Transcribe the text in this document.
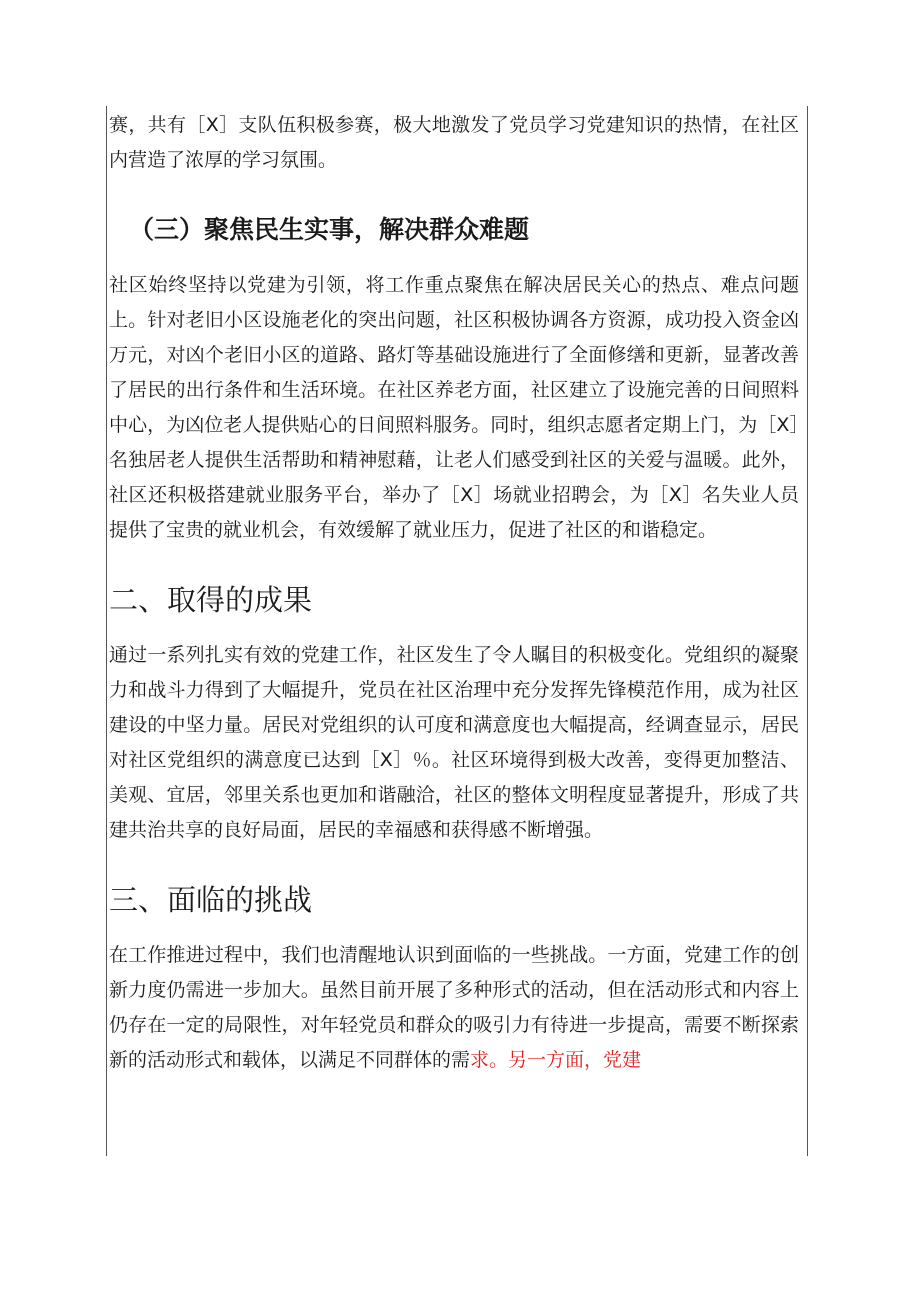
赛，共有［X］支队伍积极参赛，极大地激发了党员学习党建知识的热情，在社区内营造了浓厚的学习氛围。

（三）聚焦民生实事，解决群众难题

社区始终坚持以党建为引领，将工作重点聚焦在解决居民关心的热点、难点问题上。针对老旧小区设施老化的突出问题，社区积极协调各方资源，成功投入资金凶万元，对凶个老旧小区的道路、路灯等基础设施进行了全面修缮和更新，显著改善了居民的出行条件和生活环境。在社区养老方面，社区建立了设施完善的日间照料中心，为凶位老人提供贴心的日间照料服务。同时，组织志愿者定期上门，为［X］名独居老人提供生活帮助和精神慰藉，让老人们感受到社区的关爱与温暖。此外，社区还积极搭建就业服务平台，举办了［X］场就业招聘会，为［X］名失业人员提供了宝贵的就业机会，有效缓解了就业压力，促进了社区的和谐稳定。

二、取得的成果

通过一系列扎实有效的党建工作，社区发生了令人瞩目的积极变化。党组织的凝聚力和战斗力得到了大幅提升，党员在社区治理中充分发挥先锋模范作用，成为社区建设的中坚力量。居民对党组织的认可度和满意度也大幅提高，经调查显示，居民对社区党组织的满意度已达到［X］％。社区环境得到极大改善，变得更加整洁、美观、宜居，邻里关系也更加和谐融洽，社区的整体文明程度显著提升，形成了共建共治共享的良好局面，居民的幸福感和获得感不断增强。

三、面临的挑战

在工作推进过程中，我们也清醒地认识到面临的一些挑战。一方面，党建工作的创新力度仍需进一步加大。虽然目前开展了多种形式的活动，但在活动形式和内容上仍存在一定的局限性，对年轻党员和群众的吸引力有待进一步提高，需要不断探索新的活动形式和载体，以满足不同群体的需求。另一方面，党建
